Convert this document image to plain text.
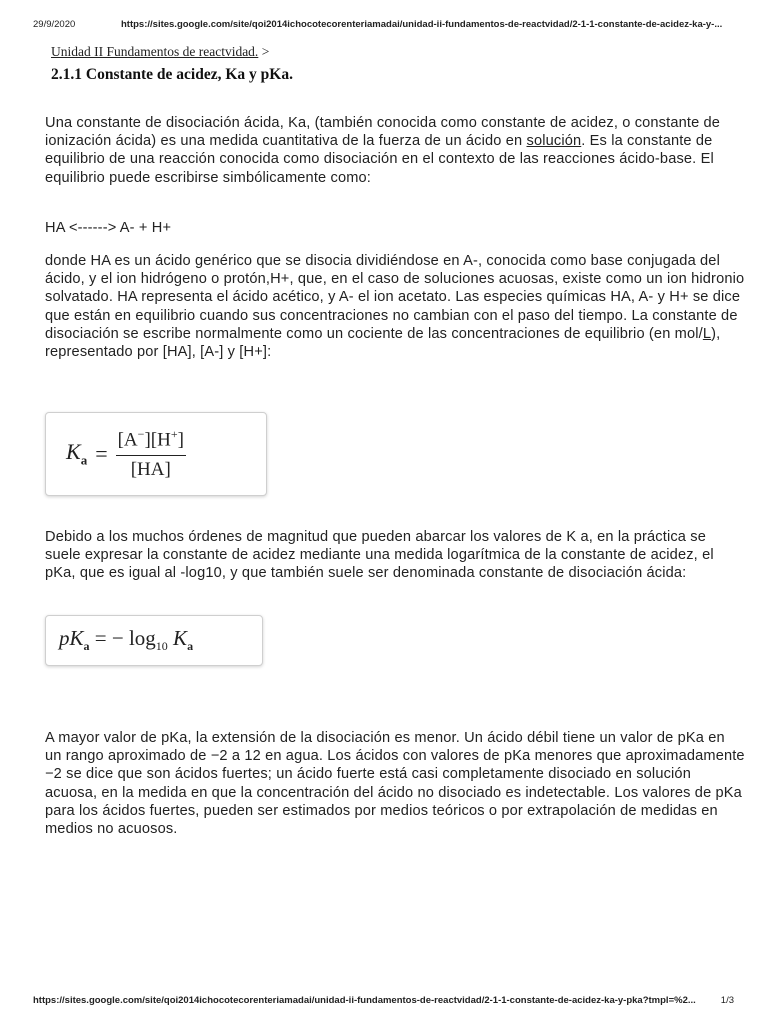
29/9/2020	https://sites.google.com/site/qoi2014ichocotecorenteriamadai/unidad-ii-fundamentos-de-reactvidad/2-1-1-constante-de-acidez-ka-y-...
Unidad II Fundamentos de reactvidad. >
2.1.1 Constante de acidez, Ka y pKa.

Una constante de disociación ácida, Ka, (también conocida como constante de acidez, o constante de ionización ácida) es una medida cuantitativa de la fuerza de un ácido en solución. Es la constante de equilibrio de una reacción conocida como disociación en el contexto de las reacciones ácido-base. El equilibrio puede escribirse simbólicamente como:

HA <------> A- + H+

donde HA es un ácido genérico que se disocia dividiéndose en A-, conocida como base conjugada del ácido, y el ion hidrógeno o protón,H+, que, en el caso de soluciones acuosas, existe como un ion hidronio solvatado. HA representa el ácido acético, y A- el ion acetato. Las especies químicas HA, A- y H+ se dice que están en equilibrio cuando sus concentraciones no cambian con el paso del tiempo. La constante de disociación se escribe normalmente como un cociente de las concentraciones de equilibrio (en mol/L), representado por [HA], [A-] y [H+]:

$K_a = \frac{[A^-][H^+]}{[HA]}$

Debido a los muchos órdenes de magnitud que pueden abarcar los valores de K a, en la práctica se suele expresar la constante de acidez mediante una medida logarítmica de la constante de acidez, el pKa, que es igual al -log10, y que también suele ser denominada constante de disociación ácida:

$pK_a$ = − $\log_{10} K_a$

A mayor valor de pKa, la extensión de la disociación es menor. Un ácido débil tiene un valor de pKa en un rango aproximado de −2 a 12 en agua. Los ácidos con valores de pKa menores que aproximadamente −2 se dice que son ácidos fuertes; un ácido fuerte está casi completamente disociado en solución acuosa, en la medida en que la concentración del ácido no disociado es indetectable. Los valores de pKa para los ácidos fuertes, pueden ser estimados por medios teóricos o por extrapolación de medidas en medios no acuosos.

https://sites.google.com/site/qoi2014ichocotecorenteriamadai/unidad-ii-fundamentos-de-reactvidad/2-1-1-constante-de-acidez-ka-y-pka?tmpl=%2...	1/3
